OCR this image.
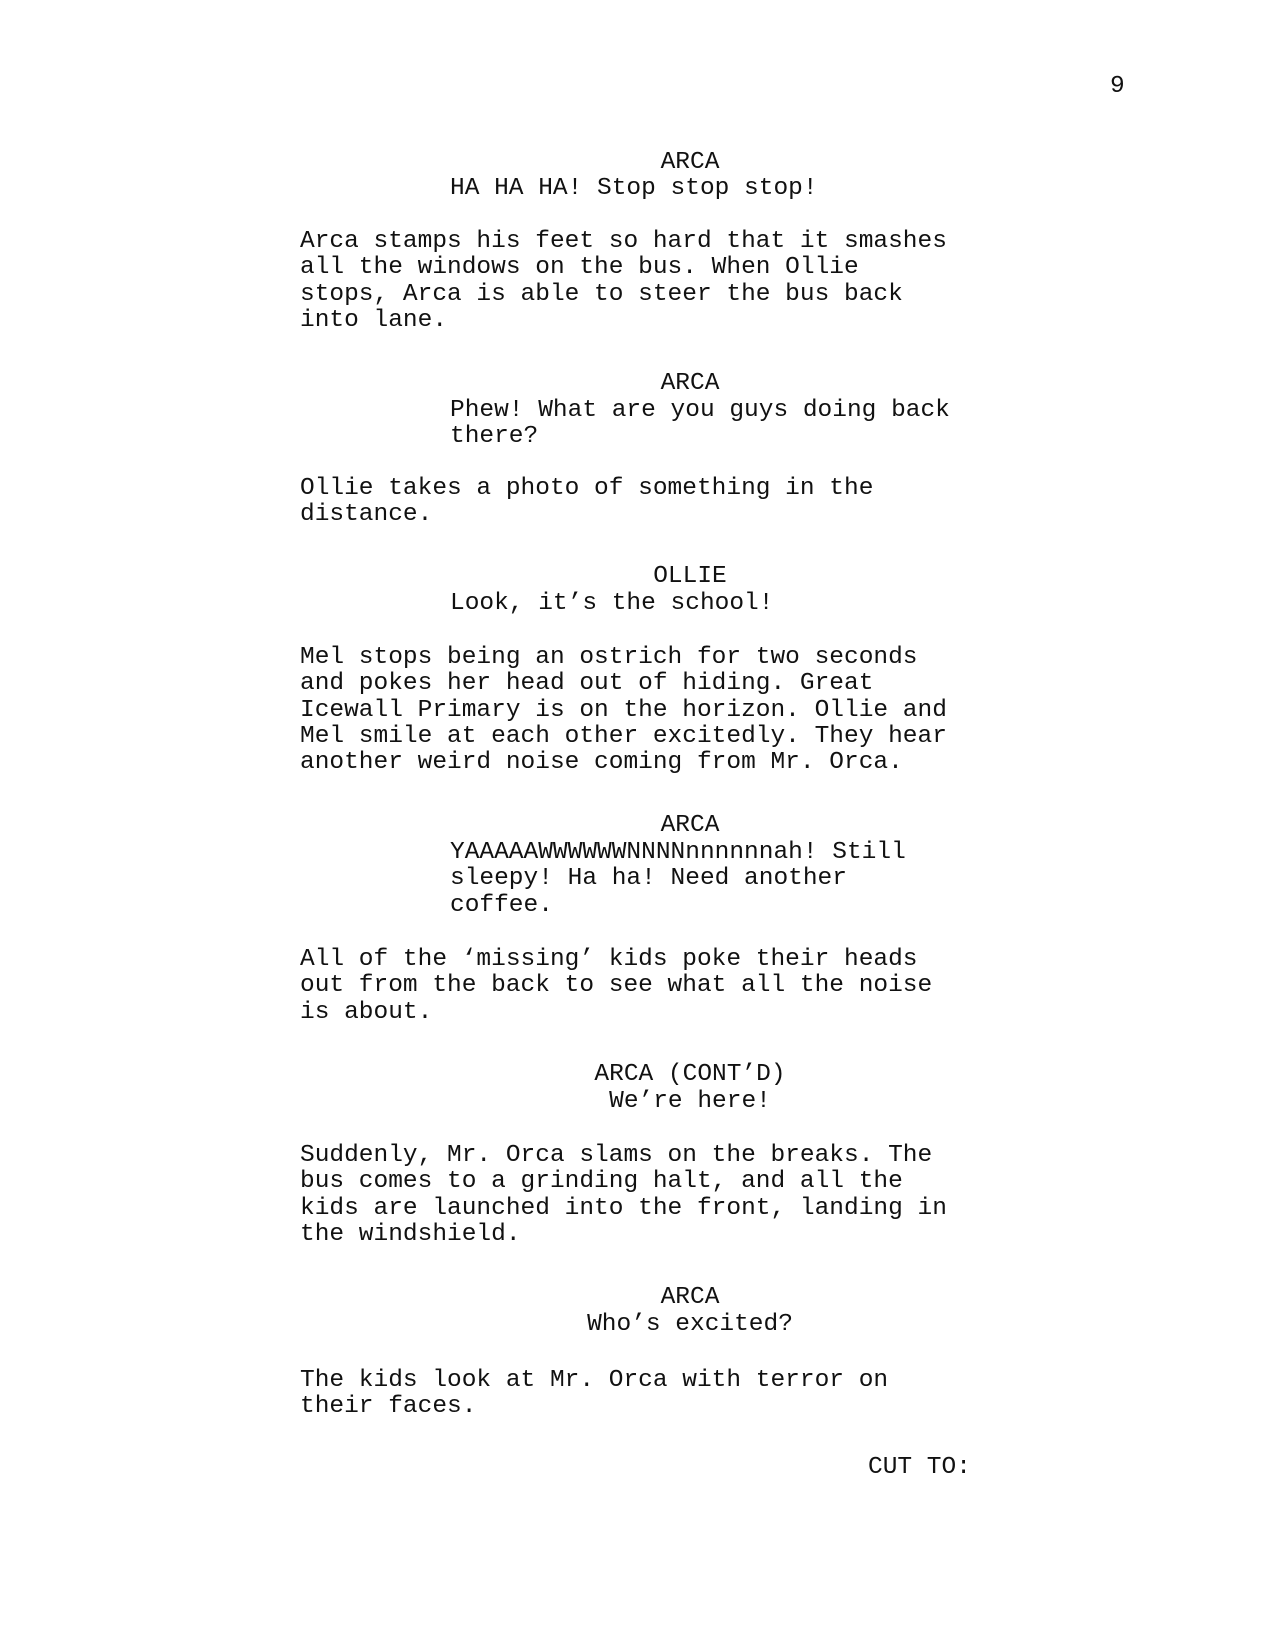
9
ARCA
HA HA HA! Stop stop stop!
Arca stamps his feet so hard that it smashes
all the windows on the bus. When Ollie
stops, Arca is able to steer the bus back
into lane.
ARCA
Phew! What are you guys doing back
there?
Ollie takes a photo of something in the
distance.
OLLIE
Look, it’s the school!
Mel stops being an ostrich for two seconds
and pokes her head out of hiding. Great
Icewall Primary is on the horizon. Ollie and
Mel smile at each other excitedly. They hear
another weird noise coming from Mr. Orca.
ARCA
YAAAAAWWWWWWNNNNnnnnnnah! Still
sleepy! Ha ha! Need another
coffee.
All of the ‘missing’ kids poke their heads
out from the back to see what all the noise
is about.
ARCA (CONT’D)
We’re here!
Suddenly, Mr. Orca slams on the breaks. The
bus comes to a grinding halt, and all the
kids are launched into the front, landing in
the windshield.
ARCA
Who’s excited?
The kids look at Mr. Orca with terror on
their faces.
CUT TO:
